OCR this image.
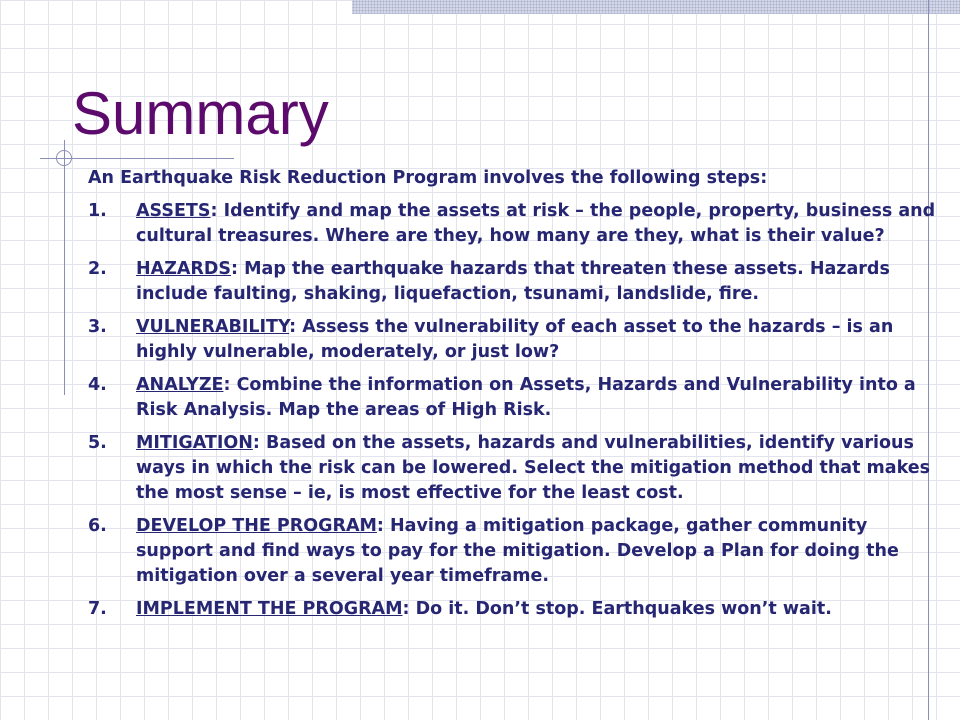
Summary

An Earthquake Risk Reduction Program involves the following steps:

1. ASSETS: Identify and map the assets at risk – the people, property, business and cultural treasures. Where are they, how many are they, what is their value?
2. HAZARDS: Map the earthquake hazards that threaten these assets. Hazards include faulting, shaking, liquefaction, tsunami, landslide, fire.
3. VULNERABILITY: Assess the vulnerability of each asset to the hazards – is an highly vulnerable, moderately, or just low?
4. ANALYZE: Combine the information on Assets, Hazards and Vulnerability into a Risk Analysis. Map the areas of High Risk.
5. MITIGATION: Based on the assets, hazards and vulnerabilities, identify various ways in which the risk can be lowered. Select the mitigation method that makes the most sense – ie, is most effective for the least cost.
6. DEVELOP THE PROGRAM: Having a mitigation package, gather community support and find ways to pay for the mitigation. Develop a Plan for doing the mitigation over a several year timeframe.
7. IMPLEMENT THE PROGRAM: Do it. Don’t stop. Earthquakes won’t wait.
